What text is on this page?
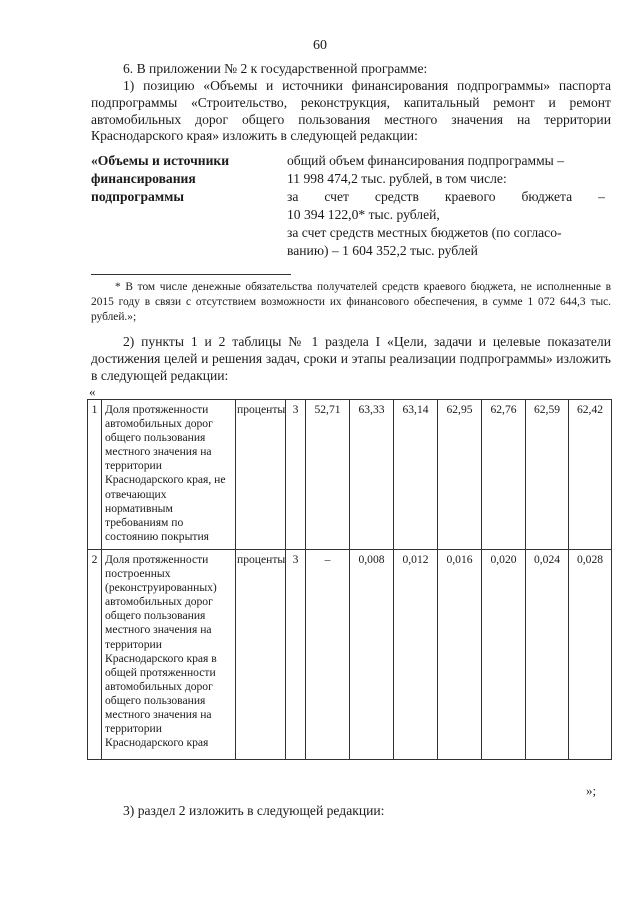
60

6. В приложении № 2 к государственной программе:

1) позицию «Объемы и источники финансирования подпрограммы» паспорта подпрограммы «Строительство, реконструкция, капитальный ремонт и ремонт автомобильных дорог общего пользования местного значения на территории Краснодарского края» изложить в следующей редакции:

«Объемы и источники финансирования подпрограммы
общий объем финансирования подпрограммы –
11 998 474,2 тыс. рублей, в том числе:
за счет средств краевого бюджета –
10 394 122,0* тыс. рублей,
за счет средств местных бюджетов (по согласо-
ванию) – 1 604 352,2 тыс. рублей

* В том числе денежные обязательства получателей средств краевого бюджета, не исполненные в 2015 году в связи с отсутствием возможности их финансового обеспечения, в сумме 1 072 644,3 тыс. рублей.»;

2) пункты 1 и 2 таблицы № 1 раздела I «Цели, задачи и целевые показатели достижения целей и решения задач, сроки и этапы реализации подпрограммы» изложить в следующей редакции:

«
1	Доля протяженности автомобильных дорог общего пользования местного значения на территории Краснодарского края, не отвечающих нормативным требованиям по состоянию покрытия	проценты	3	52,71	63,33	63,14	62,95	62,76	62,59	62,42
2	Доля протяженности построенных (реконструированных) автомобильных дорог общего пользования местного значения на территории Краснодарского края в общей протяженности автомобильных дорог общего пользования местного значения на территории Краснодарского края	проценты	3	–	0,008	0,012	0,016	0,020	0,024	0,028
»;
3) раздел 2 изложить в следующей редакции:
